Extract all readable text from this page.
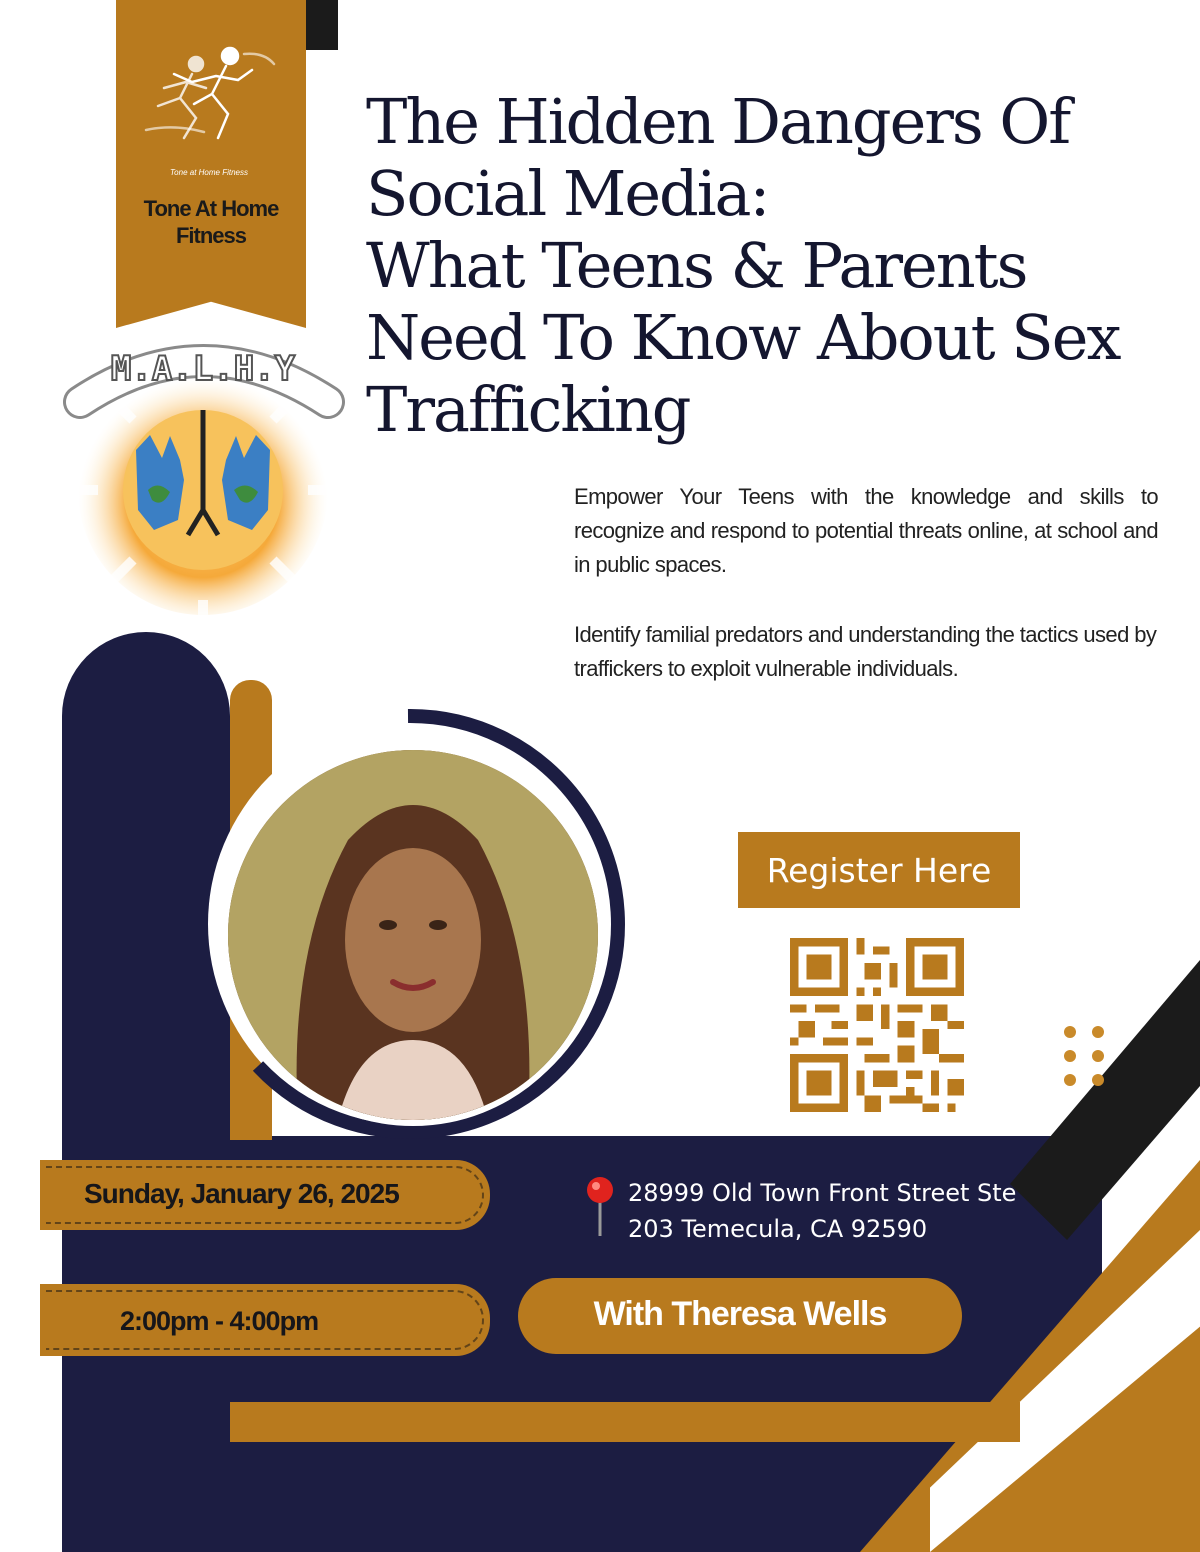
Tone at Home Fitness
Tone At Home
Fitness
M.A.L.H.Y
The Hidden Dangers Of
Social Media:
What Teens & Parents
Need To Know About Sex
Trafficking

Empower Your Teens with the knowledge and skills to recognize and respond to potential threats online, at school and in public spaces.

Identify familial predators and understanding the tactics used by traffickers to exploit vulnerable individuals.

Register Here
Sunday, January 26, 2025
2:00pm - 4:00pm
28999 Old Town Front Street Ste
203 Temecula, CA 92590
With Theresa Wells
